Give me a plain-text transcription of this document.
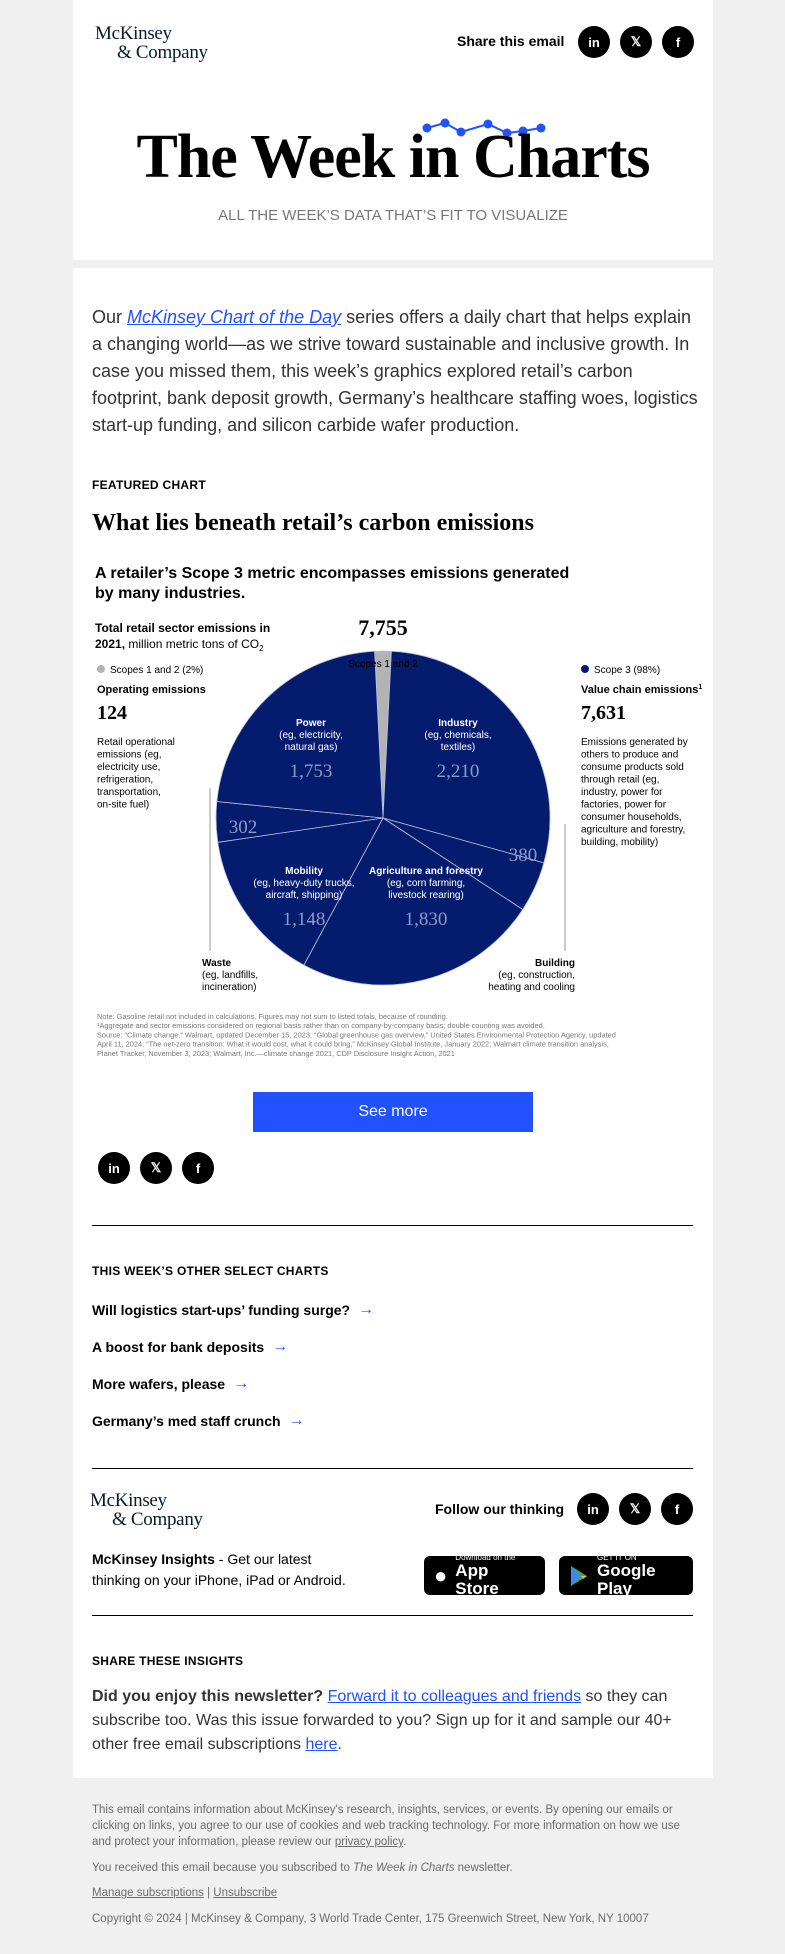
McKinsey
& Company
Share this email	in	𝕏	f
The Week in Charts
ALL THE WEEK’S DATA THAT’S FIT TO VISUALIZE

Our McKinsey Chart of the Day series offers a daily chart that helps explain a changing world—as we strive toward sustainable and inclusive growth. In case you missed them, this week’s graphics explored retail’s carbon footprint, bank deposit growth, Germany’s healthcare staffing woes, logistics start-up funding, and silicon carbide wafer production.

FEATURED CHART
What lies beneath retail’s carbon emissions
A retailer’s Scope 3 metric encompasses emissions generated
by many industries.
Total retail sector emissions in
2021, million metric tons of $CO_2$
7,755
Scopes 1 and 2 (2%)	Scope 3 (98%)
Operating emissions
124
Retail operational
emissions (eg,
electricity use,
refrigeration,
transportation,
on-site fuel)
Value chain emissions$^1$
7,631
Emissions generated by
others to produce and
consume products sold
through retail (eg,
industry, power for
factories, power for
consumer households,
agriculture and forestry,
building, mobility)
Power
(eg, electricity,
natural gas)
1,753
Industry
(eg, chemicals,
textiles)
2,210
302
380
Mobility
(eg, heavy-duty trucks,
aircraft, shipping)
1,148
Agriculture and forestry
(eg, corn farming,
livestock rearing)
1,830
Scopes 1 and 2
Waste
(eg, landfills,
incineration)
Building
(eg, construction,
heating and cooling
Note: Gasoline retail not included in calculations. Figures may not sum to listed totals, because of rounding.
¹Aggregate and sector emissions considered on regional basis rather than on company-by-company basis; double counting was avoided.
Source: “Climate change,” Walmart, updated December 15, 2023; “Global greenhouse gas overview,” United States Environmental Protection Agency, updated
April 11, 2024; “The net-zero transition: What it would cost, what it could bring,” McKinsey Global Institute, January 2022; Walmart climate transition analysis,
Planet Tracker, November 3, 2023; Walmart, Inc.—climate change 2021, CDP Disclosure Insight Action, 2021
See more
in	𝕏	f
THIS WEEK’S OTHER SELECT CHARTS
Will logistics start-ups’ funding surge? →
A boost for bank deposits →
More wafers, please →
Germany’s med staff crunch →
McKinsey
& Company	Follow our thinking	in	𝕏	f

McKinsey Insights - Get our latest thinking on your iPhone, iPad or Android.	●
Download on the
App Store
GET IT ON
Google Play
SHARE THESE INSIGHTS

Did you enjoy this newsletter? Forward it to colleagues and friends so they can subscribe too. Was this issue forwarded to you? Sign up for it and sample our 40+ other free email subscriptions here.

This email contains information about McKinsey's research, insights, services, or events. By opening our emails or clicking on links, you agree to our use of cookies and web tracking technology. For more information on how we use and protect your information, please review our privacy policy.

You received this email because you subscribed to The Week in Charts newsletter.

Manage subscriptions | Unsubscribe

Copyright © 2024 | McKinsey & Company, 3 World Trade Center, 175 Greenwich Street, New York, NY 10007
